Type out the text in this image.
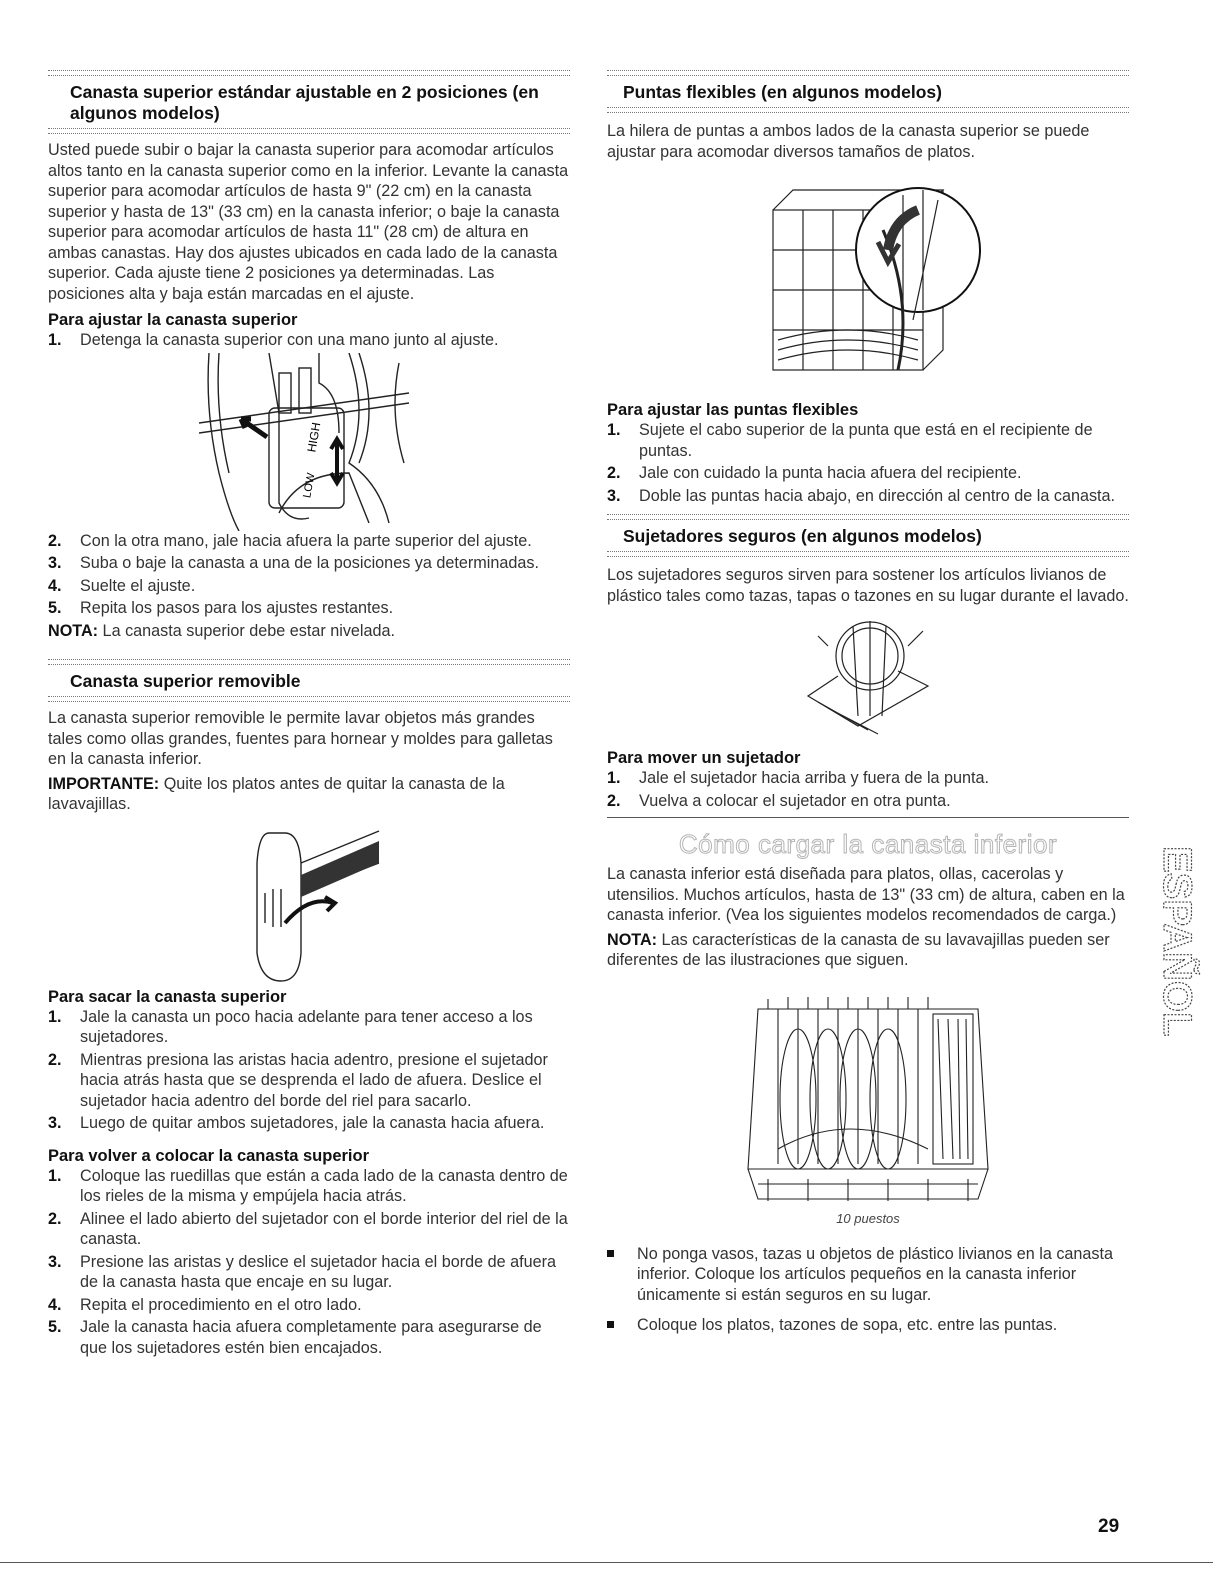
Canasta superior estándar ajustable en 2 posiciones (en algunos modelos)

Usted puede subir o bajar la canasta superior para acomodar artículos altos tanto en la canasta superior como en la inferior. Levante la canasta superior para acomodar artículos de hasta 9" (22 cm) en la canasta superior y hasta de 13" (33 cm) en la canasta inferior; o baje la canasta superior para acomodar artículos de hasta 11" (28 cm) de altura en ambas canastas. Hay dos ajustes ubicados en cada lado de la canasta superior. Cada ajuste tiene 2 posiciones ya determinadas. Las posiciones alta y baja están marcadas en el ajuste.

Para ajustar la canasta superior
1. Detenga la canasta superior con una mano junto al ajuste.
HIGH
LOW
2. Con la otra mano, jale hacia afuera la parte superior del ajuste.
3. Suba o baje la canasta a una de la posiciones ya determinadas.
4. Suelte el ajuste.
5. Repita los pasos para los ajustes restantes.

NOTA: La canasta superior debe estar nivelada.

Canasta superior removible

La canasta superior removible le permite lavar objetos más grandes tales como ollas grandes, fuentes para hornear y moldes para galletas en la canasta inferior.

IMPORTANTE: Quite los platos antes de quitar la canasta de la lavavajillas.

Para sacar la canasta superior
1. Jale la canasta un poco hacia adelante para tener acceso a los sujetadores.
2. Mientras presiona las aristas hacia adentro, presione el sujetador hacia atrás hasta que se desprenda el lado de afuera. Deslice el sujetador hacia adentro del borde del riel para sacarlo.
3. Luego de quitar ambos sujetadores, jale la canasta hacia afuera.
Para volver a colocar la canasta superior
1. Coloque las ruedillas que están a cada lado de la canasta dentro de los rieles de la misma y empújela hacia atrás.
2. Alinee el lado abierto del sujetador con el borde interior del riel de la canasta.
3. Presione las aristas y deslice el sujetador hacia el borde de afuera de la canasta hasta que encaje en su lugar.
4. Repita el procedimiento en el otro lado.
5. Jale la canasta hacia afuera completamente para asegurarse de que los sujetadores estén bien encajados.
Puntas flexibles (en algunos modelos)

La hilera de puntas a ambos lados de la canasta superior se puede ajustar para acomodar diversos tamaños de platos.

Para ajustar las puntas flexibles
1. Sujete el cabo superior de la punta que está en el recipiente de puntas.
2. Jale con cuidado la punta hacia afuera del recipiente.
3. Doble las puntas hacia abajo, en dirección al centro de la canasta.
Sujetadores seguros (en algunos modelos)

Los sujetadores seguros sirven para sostener los artículos livianos de plástico tales como tazas, tapas o tazones en su lugar durante el lavado.

Para mover un sujetador
1. Jale el sujetador hacia arriba y fuera de la punta.
2. Vuelva a colocar el sujetador en otra punta.
Cómo cargar la canasta inferior

La canasta inferior está diseñada para platos, ollas, cacerolas y utensilios. Muchos artículos, hasta de 13" (33 cm) de altura, caben en la canasta inferior. (Vea los siguientes modelos recomendados de carga.)

NOTA: Las características de la canasta de su lavavajillas pueden ser diferentes de las ilustraciones que siguen.

10 puestos
No ponga vasos, tazas u objetos de plástico livianos en la canasta inferior. Coloque los artículos pequeños en la canasta inferior únicamente si están seguros en su lugar.
Coloque los platos, tazones de sopa, etc. entre las puntas.
ESPAÑOL
29
